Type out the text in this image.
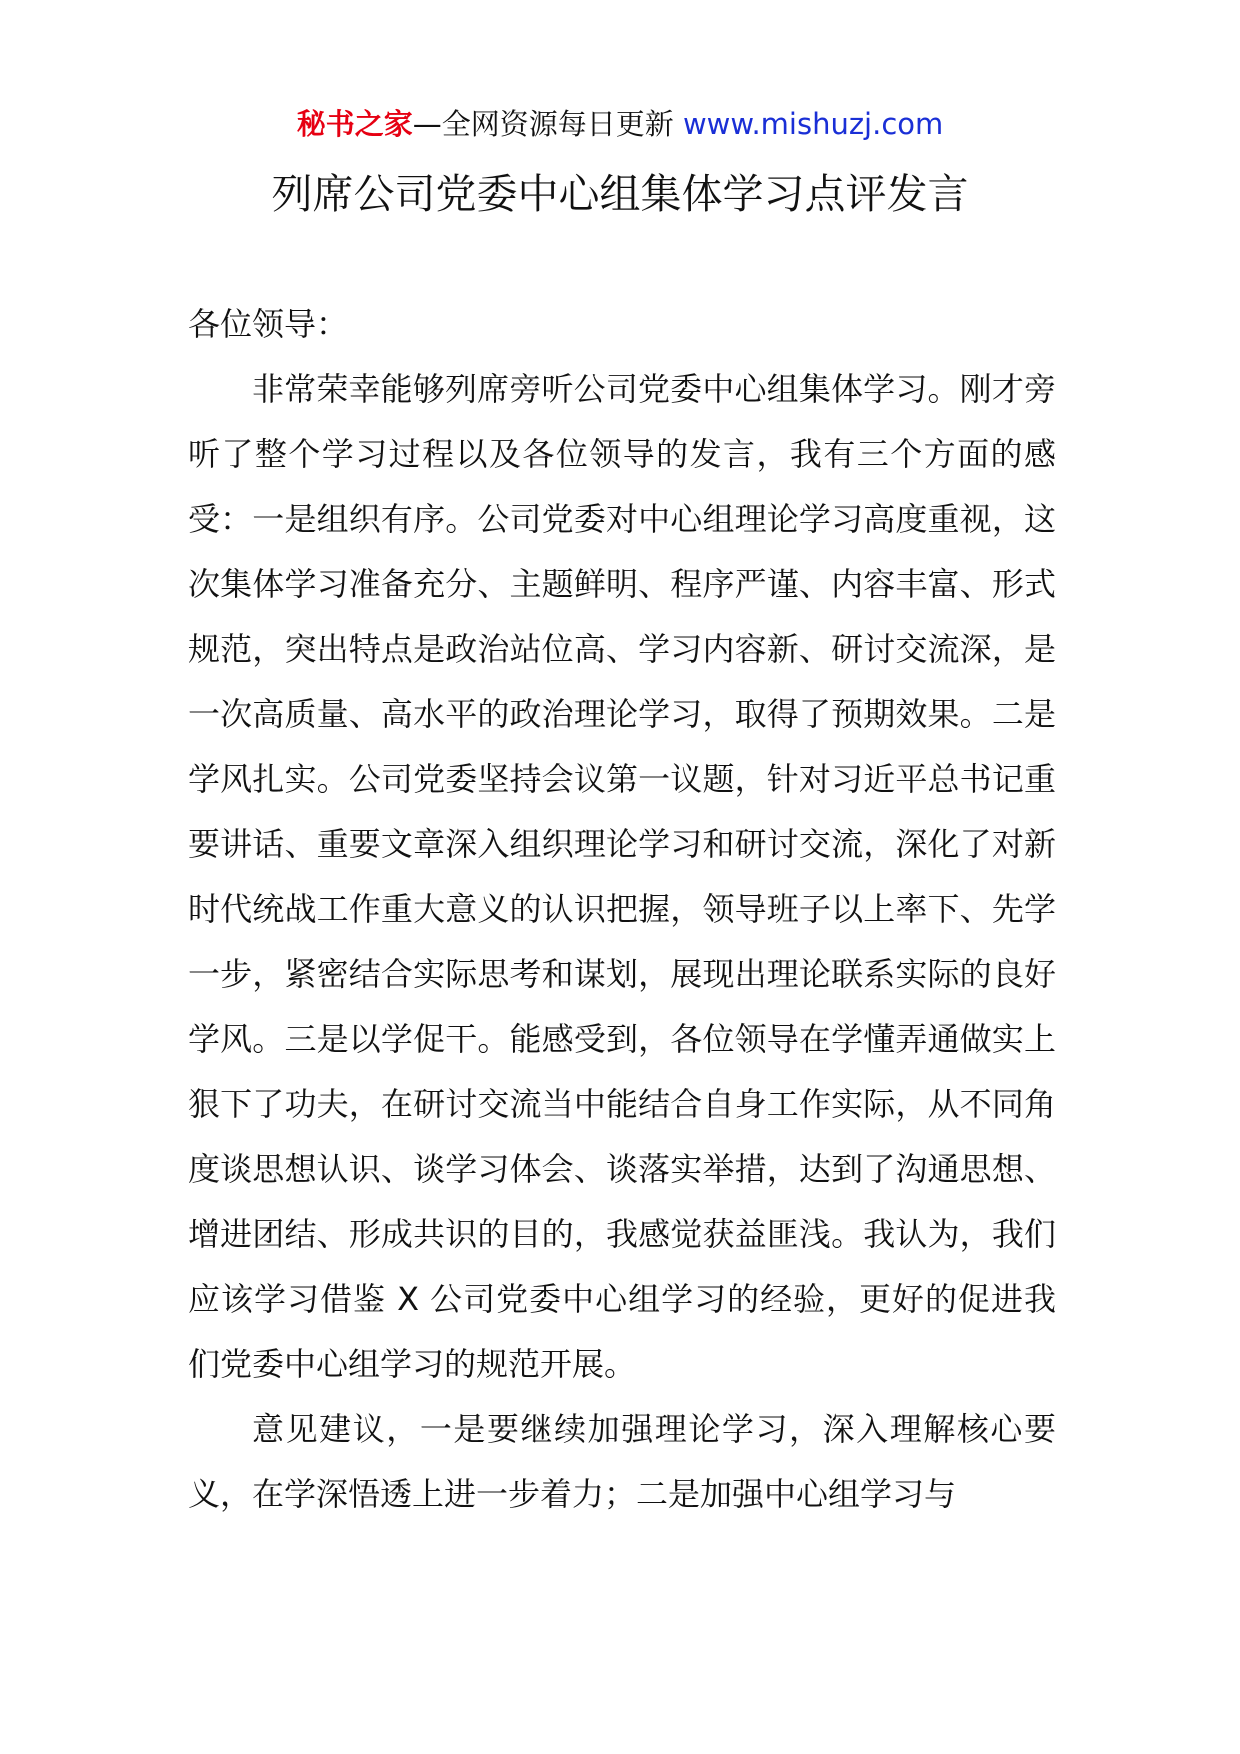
秘书之家—全网资源每日更新 www.mishuzj.com
列席公司党委中心组集体学习点评发言

各位领导：

非常荣幸能够列席旁听公司党委中心组集体学习。刚才旁听了整个学习过程以及各位领导的发言，我有三个方面的感受：一是组织有序。公司党委对中心组理论学习高度重视，这次集体学习准备充分、主题鲜明、程序严谨、内容丰富、形式规范，突出特点是政治站位高、学习内容新、研讨交流深，是一次高质量、高水平的政治理论学习，取得了预期效果。二是学风扎实。公司党委坚持会议第一议题，针对习近平总书记重要讲话、重要文章深入组织理论学习和研讨交流，深化了对新时代统战工作重大意义的认识把握，领导班子以上率下、先学一步，紧密结合实际思考和谋划，展现出理论联系实际的良好学风。三是以学促干。能感受到，各位领导在学懂弄通做实上狠下了功夫，在研讨交流当中能结合自身工作实际，从不同角度谈思想认识、谈学习体会、谈落实举措，达到了沟通思想、增进团结、形成共识的目的，我感觉获益匪浅。我认为，我们应该学习借鉴 X 公司党委中心组学习的经验，更好的促进我们党委中心组学习的规范开展。

意见建议，一是要继续加强理论学习，深入理解核心要义，在学深悟透上进一步着力；二是加强中心组学习与
